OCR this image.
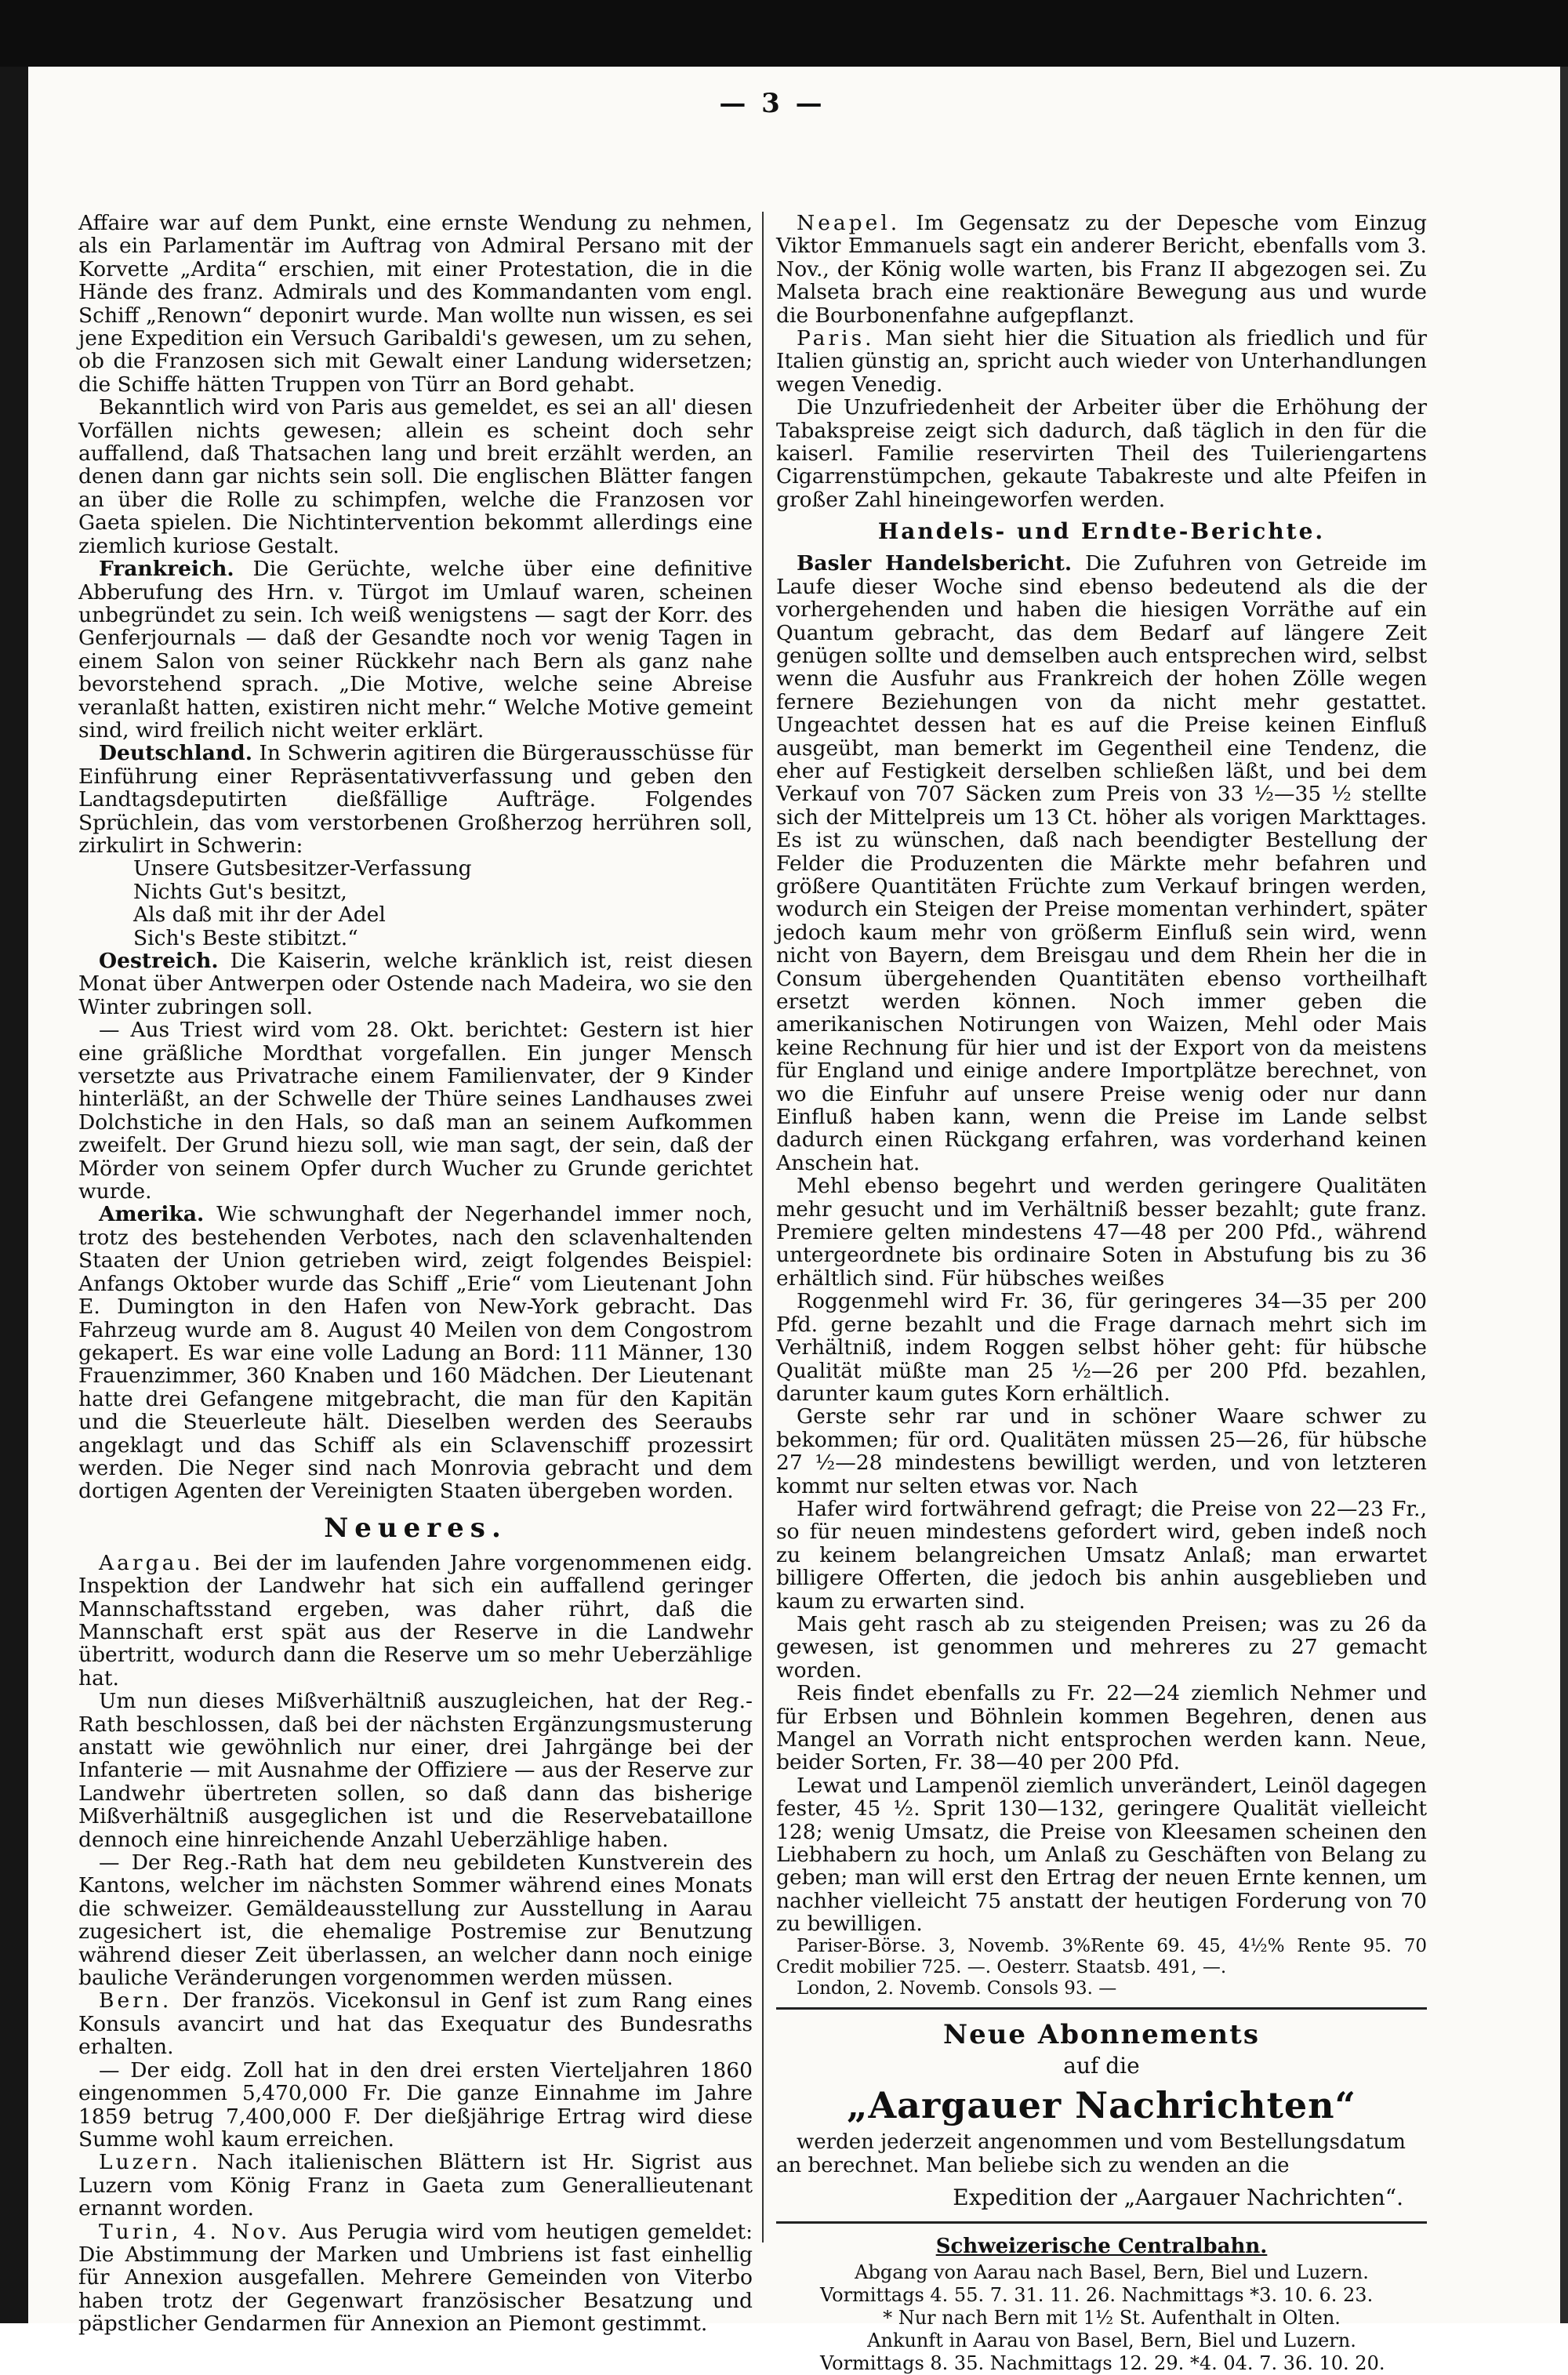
— 3 —

Affaire war auf dem Punkt, eine ernste Wendung zu nehmen, als ein Parlamentär im Auftrag von Admiral Persano mit der Korvette „Ardita“ erschien, mit einer Protestation, die in die Hände des franz. Admirals und des Kommandanten vom engl. Schiff „Renown“ deponirt wurde. Man wollte nun wissen, es sei jene Expedition ein Versuch Garibaldi's gewesen, um zu sehen, ob die Franzosen sich mit Gewalt einer Landung widersetzen; die Schiffe hätten Truppen von Türr an Bord gehabt.

Bekanntlich wird von Paris aus gemeldet, es sei an all' diesen Vorfällen nichts gewesen; allein es scheint doch sehr auffallend, daß Thatsachen lang und breit erzählt werden, an denen dann gar nichts sein soll. Die englischen Blätter fangen an über die Rolle zu schimpfen, welche die Franzosen vor Gaeta spielen. Die Nichtintervention bekommt allerdings eine ziemlich kuriose Gestalt.

Frankreich. Die Gerüchte, welche über eine definitive Abberufung des Hrn. v. Türgot im Umlauf waren, scheinen unbegründet zu sein. Ich weiß wenigstens — sagt der Korr. des Genferjournals — daß der Gesandte noch vor wenig Tagen in einem Salon von seiner Rückkehr nach Bern als ganz nahe bevorstehend sprach. „Die Motive, welche seine Abreise veranlaßt hatten, existiren nicht mehr.“ Welche Motive gemeint sind, wird freilich nicht weiter erklärt.

Deutschland. In Schwerin agitiren die Bürgerausschüsse für Einführung einer Repräsentativverfassung und geben den Landtagsdeputirten dießfällige Aufträge. Folgendes Sprüchlein, das vom verstorbenen Großherzog herrühren soll, zirkulirt in Schwerin:

Unsere Gutsbesitzer-Verfassung

Nichts Gut's besitzt,

Als daß mit ihr der Adel

Sich's Beste stibitzt.“

Oestreich. Die Kaiserin, welche kränklich ist, reist diesen Monat über Antwerpen oder Ostende nach Madeira, wo sie den Winter zubringen soll.

— Aus Triest wird vom 28. Okt. berichtet: Gestern ist hier eine gräßliche Mordthat vorgefallen. Ein junger Mensch versetzte aus Privatrache einem Familienvater, der 9 Kinder hinterläßt, an der Schwelle der Thüre seines Landhauses zwei Dolchstiche in den Hals, so daß man an seinem Aufkommen zweifelt. Der Grund hiezu soll, wie man sagt, der sein, daß der Mörder von seinem Opfer durch Wucher zu Grunde gerichtet wurde.

Amerika. Wie schwunghaft der Negerhandel immer noch, trotz des bestehenden Verbotes, nach den sclavenhaltenden Staaten der Union getrieben wird, zeigt folgendes Beispiel: Anfangs Oktober wurde das Schiff „Erie“ vom Lieutenant John E. Dumington in den Hafen von New-York gebracht. Das Fahrzeug wurde am 8. August 40 Meilen von dem Congostrom gekapert. Es war eine volle Ladung an Bord: 111 Männer, 130 Frauenzimmer, 360 Knaben und 160 Mädchen. Der Lieutenant hatte drei Gefangene mitgebracht, die man für den Kapitän und die Steuerleute hält. Dieselben werden des Seeraubs angeklagt und das Schiff als ein Sclavenschiff prozessirt werden. Die Neger sind nach Monrovia gebracht und dem dortigen Agenten der Vereinigten Staaten übergeben worden.

Neueres.

Aargau. Bei der im laufenden Jahre vorgenommenen eidg. Inspektion der Landwehr hat sich ein auffallend geringer Mannschaftsstand ergeben, was daher rührt, daß die Mannschaft erst spät aus der Reserve in die Landwehr übertritt, wodurch dann die Reserve um so mehr Ueberzählige hat.

Um nun dieses Mißverhältniß auszugleichen, hat der Reg.-Rath beschlossen, daß bei der nächsten Ergänzungsmusterung anstatt wie gewöhnlich nur einer, drei Jahrgänge bei der Infanterie — mit Ausnahme der Offiziere — aus der Reserve zur Landwehr übertreten sollen, so daß dann das bisherige Mißverhältniß ausgeglichen ist und die Reservebataillone dennoch eine hinreichende Anzahl Ueberzählige haben.

— Der Reg.-Rath hat dem neu gebildeten Kunstverein des Kantons, welcher im nächsten Sommer während eines Monats die schweizer. Gemäldeausstellung zur Ausstellung in Aarau zugesichert ist, die ehemalige Postremise zur Benutzung während dieser Zeit überlassen, an welcher dann noch einige bauliche Veränderungen vorgenommen werden müssen.

Bern. Der französ. Vicekonsul in Genf ist zum Rang eines Konsuls avancirt und hat das Exequatur des Bundesraths erhalten.

— Der eidg. Zoll hat in den drei ersten Vierteljahren 1860 eingenommen 5,470,000 Fr. Die ganze Einnahme im Jahre 1859 betrug 7,400,000 F. Der dießjährige Ertrag wird diese Summe wohl kaum erreichen.

Luzern. Nach italienischen Blättern ist Hr. Sigrist aus Luzern vom König Franz in Gaeta zum Generallieutenant ernannt worden.

Turin, 4. Nov. Aus Perugia wird vom heutigen gemeldet: Die Abstimmung der Marken und Umbriens ist fast einhellig für Annexion ausgefallen. Mehrere Gemeinden von Viterbo haben trotz der Gegenwart französischer Besatzung und päpstlicher Gendarmen für Annexion an Piemont gestimmt.

Neapel. Im Gegensatz zu der Depesche vom Einzug Viktor Emmanuels sagt ein anderer Bericht, ebenfalls vom 3. Nov., der König wolle warten, bis Franz II abgezogen sei. Zu Malseta brach eine reaktionäre Bewegung aus und wurde die Bourbonenfahne aufgepflanzt.

Paris. Man sieht hier die Situation als friedlich und für Italien günstig an, spricht auch wieder von Unterhandlungen wegen Venedig.

Die Unzufriedenheit der Arbeiter über die Erhöhung der Tabakspreise zeigt sich dadurch, daß täglich in den für die kaiserl. Familie reservirten Theil des Tuileriengartens Cigarrenstümpchen, gekaute Tabakreste und alte Pfeifen in großer Zahl hineingeworfen werden.

Handels- und Erndte-Berichte.

Basler Handelsbericht. Die Zufuhren von Getreide im Laufe dieser Woche sind ebenso bedeutend als die der vorhergehenden und haben die hiesigen Vorräthe auf ein Quantum gebracht, das dem Bedarf auf längere Zeit genügen sollte und demselben auch entsprechen wird, selbst wenn die Ausfuhr aus Frankreich der hohen Zölle wegen fernere Beziehungen von da nicht mehr gestattet. Ungeachtet dessen hat es auf die Preise keinen Einfluß ausgeübt, man bemerkt im Gegentheil eine Tendenz, die eher auf Festigkeit derselben schließen läßt, und bei dem Verkauf von 707 Säcken zum Preis von 33 ½—35 ½ stellte sich der Mittelpreis um 13 Ct. höher als vorigen Markttages. Es ist zu wünschen, daß nach beendigter Bestellung der Felder die Produzenten die Märkte mehr befahren und größere Quantitäten Früchte zum Verkauf bringen werden, wodurch ein Steigen der Preise momentan verhindert, später jedoch kaum mehr von größerm Einfluß sein wird, wenn nicht von Bayern, dem Breisgau und dem Rhein her die in Consum übergehenden Quantitäten ebenso vortheilhaft ersetzt werden können. Noch immer geben die amerikanischen Notirungen von Waizen, Mehl oder Mais keine Rechnung für hier und ist der Export von da meistens für England und einige andere Importplätze berechnet, von wo die Einfuhr auf unsere Preise wenig oder nur dann Einfluß haben kann, wenn die Preise im Lande selbst dadurch einen Rückgang erfahren, was vorderhand keinen Anschein hat.

Mehl ebenso begehrt und werden geringere Qualitäten mehr gesucht und im Verhältniß besser bezahlt; gute franz. Premiere gelten mindestens 47—48 per 200 Pfd., während untergeordnete bis ordinaire Soten in Abstufung bis zu 36 erhältlich sind. Für hübsches weißes

Roggenmehl wird Fr. 36, für geringeres 34—35 per 200 Pfd. gerne bezahlt und die Frage darnach mehrt sich im Verhältniß, indem Roggen selbst höher geht: für hübsche Qualität müßte man 25 ½—26 per 200 Pfd. bezahlen, darunter kaum gutes Korn erhältlich.

Gerste sehr rar und in schöner Waare schwer zu bekommen; für ord. Qualitäten müssen 25—26, für hübsche 27 ½—28 mindestens bewilligt werden, und von letzteren kommt nur selten etwas vor. Nach

Hafer wird fortwährend gefragt; die Preise von 22—23 Fr., so für neuen mindestens gefordert wird, geben indeß noch zu keinem belangreichen Umsatz Anlaß; man erwartet billigere Offerten, die jedoch bis anhin ausgeblieben und kaum zu erwarten sind.

Mais geht rasch ab zu steigenden Preisen; was zu 26 da gewesen, ist genommen und mehreres zu 27 gemacht worden.

Reis findet ebenfalls zu Fr. 22—24 ziemlich Nehmer und für Erbsen und Böhnlein kommen Begehren, denen aus Mangel an Vorrath nicht entsprochen werden kann. Neue, beider Sorten, Fr. 38—40 per 200 Pfd.

Lewat und Lampenöl ziemlich unverändert, Leinöl dagegen fester, 45 ½. Sprit 130—132, geringere Qualität vielleicht 128; wenig Umsatz, die Preise von Kleesamen scheinen den Liebhabern zu hoch, um Anlaß zu Geschäften von Belang zu geben; man will erst den Ertrag der neuen Ernte kennen, um nachher vielleicht 75 anstatt der heutigen Forderung von 70 zu bewilligen.

Pariser-Börse. 3, Novemb. 3%Rente 69. 45, 4½% Rente 95. 70 Credit mobilier 725. —. Oesterr. Staatsb. 491, —.

London, 2. Novemb. Consols 93. —

Neue Abonnements
auf die
„Aargauer Nachrichten“

werden jederzeit angenommen und vom Bestellungsdatum an berechnet. Man beliebe sich zu wenden an die

Expedition der „Aargauer Nachrichten“.
Schweizerische Centralbahn.

Abgang von Aarau nach Basel, Bern, Biel und Luzern.

Vormittags 4. 55. 7. 31. 11. 26. Nachmittags *3. 10. 6. 23.

* Nur nach Bern mit 1½ St. Aufenthalt in Olten.

Ankunft in Aarau von Basel, Bern, Biel und Luzern.

Vormittags 8. 35. Nachmittags 12. 29. *4. 04. 7. 36. 10. 20.
